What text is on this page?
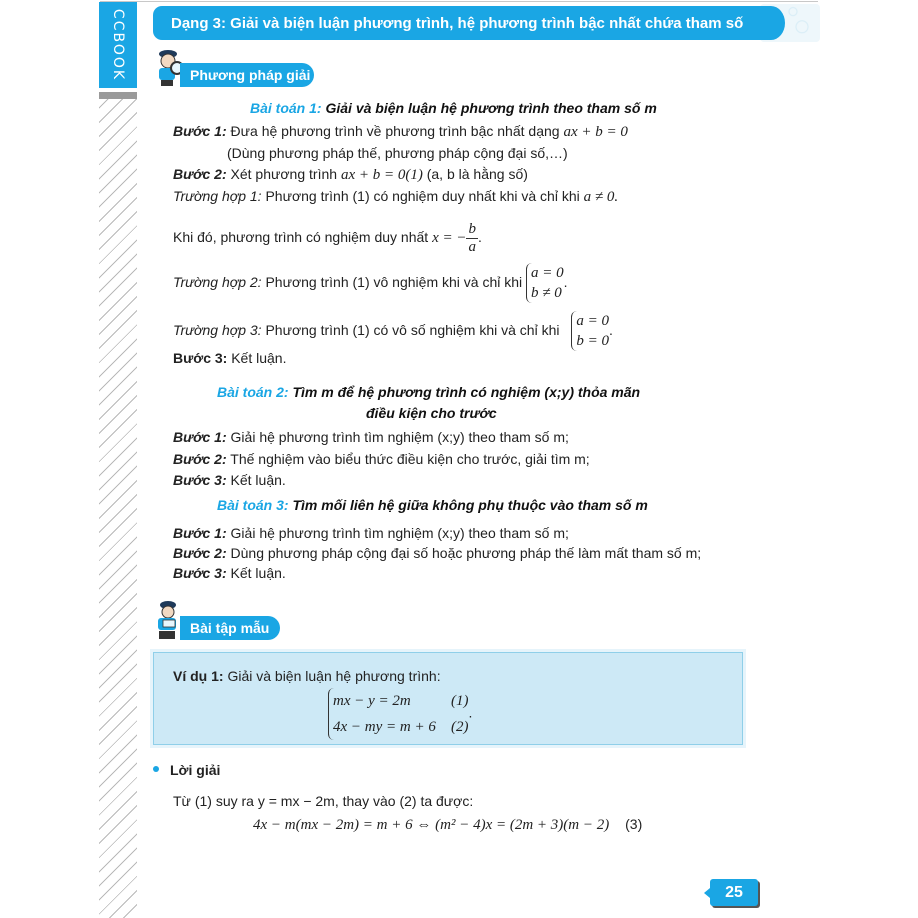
CCBOOK	Dạng 3: Giải và biện luận phương trình, hệ phương trình bậc nhất chứa tham số
Phương pháp giải
Bài toán 1: Giải và biện luận hệ phương trình theo tham số m
Bước 1: Đưa hệ phương trình về phương trình bậc nhất dạng ax + b = 0
(Dùng phương pháp thế, phương pháp cộng đại số,…)
Bước 2: Xét phương trình ax + b = 0(1) (a, b là hằng số)
Trường hợp 1: Phương trình (1) có nghiệm duy nhất khi và chỉ khi a ≠ 0.
Khi đó, phương trình có nghiệm duy nhất x = − $\frac{b}{a}$ .
Trường hợp 2: Phương trình (1) vô nghiệm khi và chỉ khi a = 0
b ≠ 0.
Trường hợp 3: Phương trình (1) có vô số nghiệm khi và chỉ khi a = 0
b = 0.
Bước 3: Kết luận.
Bài toán 2: Tìm m để hệ phương trình có nghiệm (x;y) thỏa mãn
điều kiện cho trước
Bước 1: Giải hệ phương trình tìm nghiệm (x;y) theo tham số m;
Bước 2: Thế nghiệm vào biểu thức điều kiện cho trước, giải tìm m;
Bước 3: Kết luận.
Bài toán 3: Tìm mối liên hệ giữa không phụ thuộc vào tham số m
Bước 1: Giải hệ phương trình tìm nghiệm (x;y) theo tham số m;
Bước 2: Dùng phương pháp cộng đại số hoặc phương pháp thế làm mất tham số m;
Bước 3: Kết luận.
Bài tập mẫu
Ví dụ 1: Giải và biện luận hệ phương trình:
mx − y = 2m	(1)
4x − my = m + 6 (2).
Lời giải
Từ (1) suy ra y = mx − 2m, thay vào (2) ta được:
4x − m(mx − 2m) = m + 6 ⇔ (m² − 4)x = (2m + 3)(m − 2) (3)
25
